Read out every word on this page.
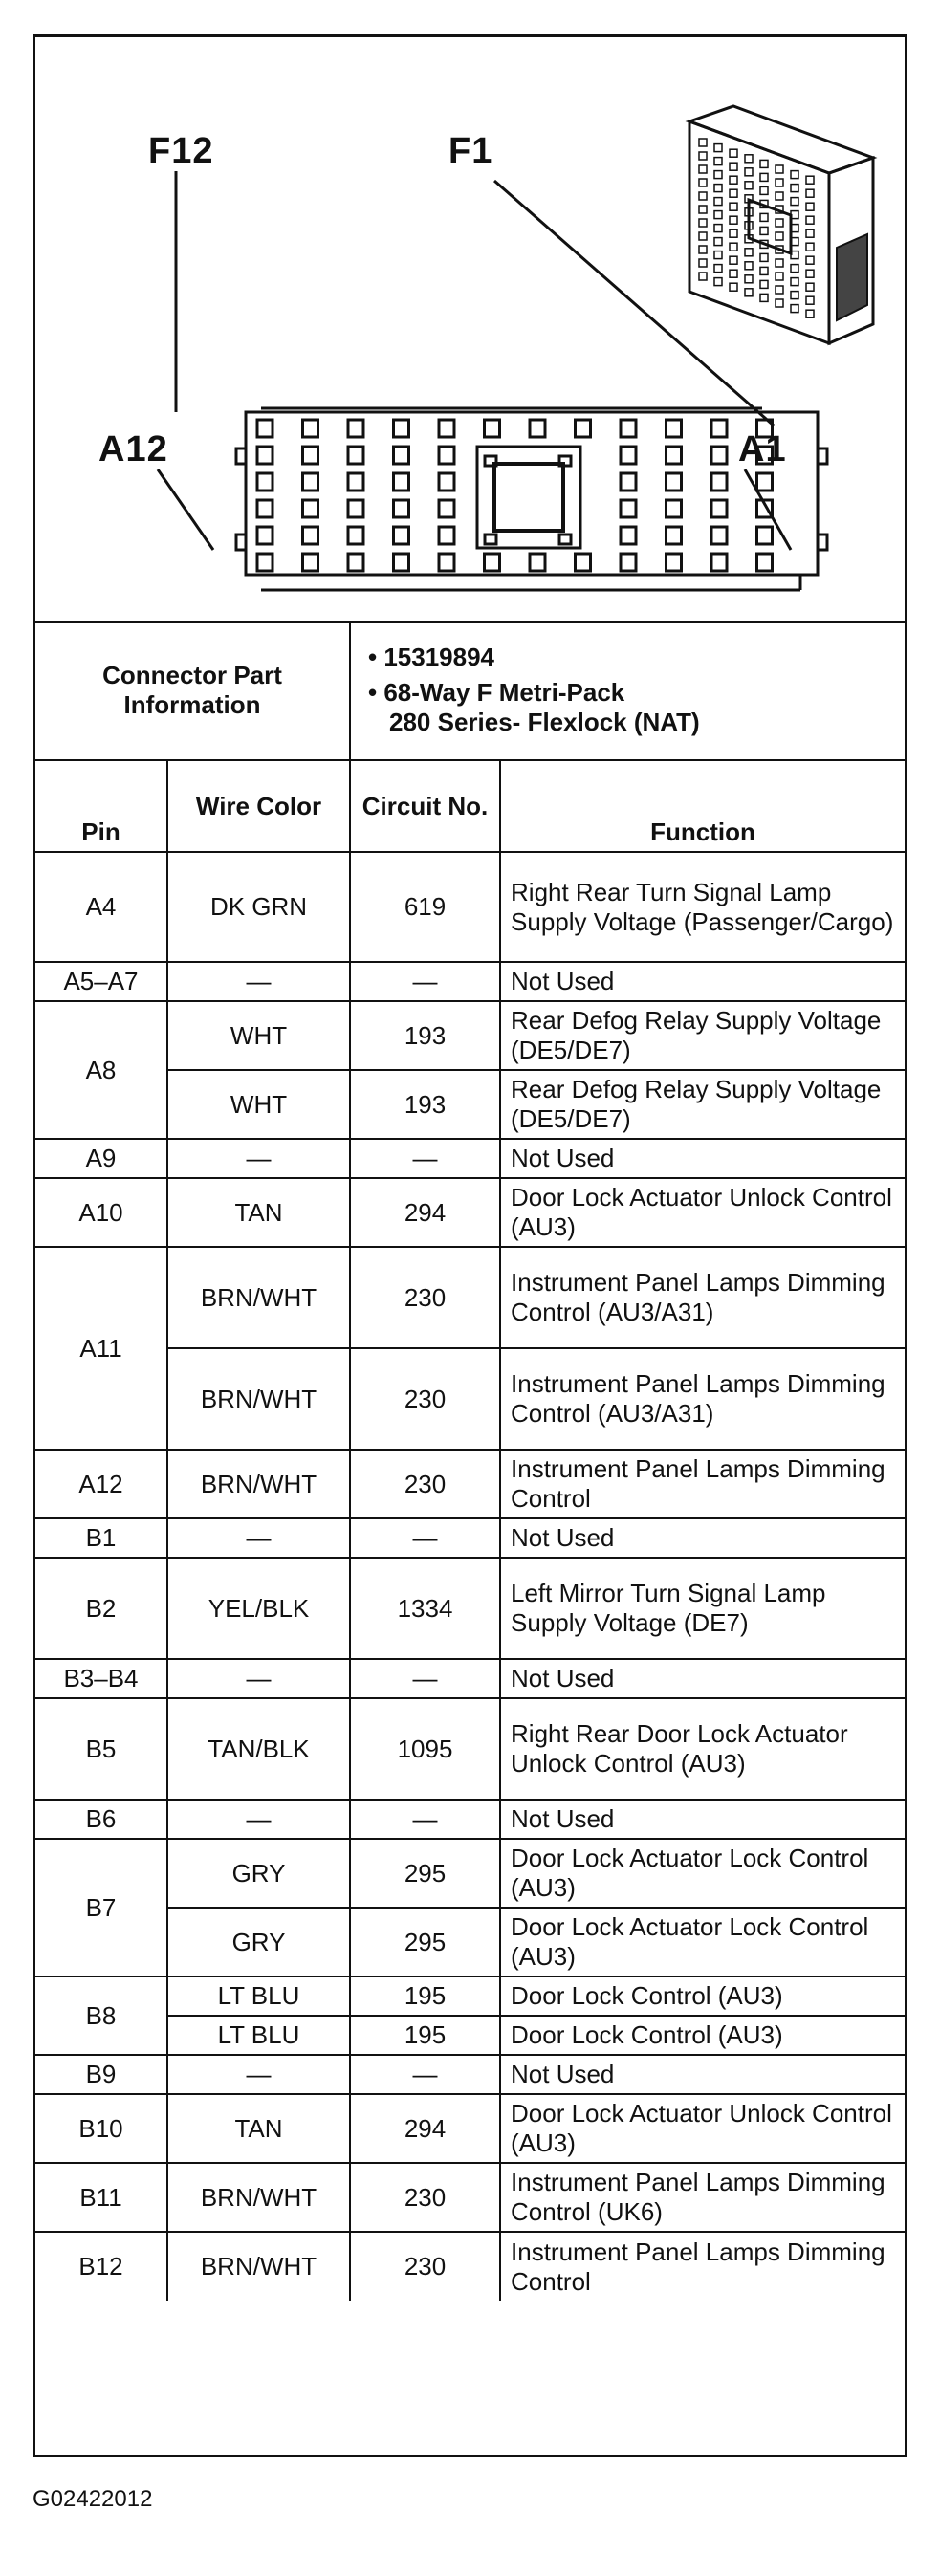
F12	F1
A12	A1
Connector Part Information		• 15319894
• 68-Way F Metri-Pack
280 Series- Flexlock (NAT)	

Pin	Wire Color	Circuit No.	Function
A4	DK GRN	619	Right Rear Turn Signal Lamp Supply Voltage (Passenger/Cargo)
A5–A7	—	—	Not Used
A8	WHT	193	Rear Defog Relay Supply Voltage (DE5/DE7)
	WHT	193	Rear Defog Relay Supply Voltage (DE5/DE7)
A9	—	—	Not Used
A10	TAN	294	Door Lock Actuator Unlock Control (AU3)
A11	BRN/WHT	230	Instrument Panel Lamps Dimming Control (AU3/A31)
	BRN/WHT	230	Instrument Panel Lamps Dimming Control (AU3/A31)
A12	BRN/WHT	230	Instrument Panel Lamps Dimming Control
B1	—	—	Not Used
B2	YEL/BLK	1334	Left Mirror Turn Signal Lamp Supply Voltage (DE7)
B3–B4	—	—	Not Used
B5	TAN/BLK	1095	Right Rear Door Lock Actuator Unlock Control (AU3)
B6	—	—	Not Used
B7	GRY	295	Door Lock Actuator Lock Control (AU3)
	GRY	295	Door Lock Actuator Lock Control (AU3)
B8	LT BLU	195	Door Lock Control (AU3)
	LT BLU	195	Door Lock Control (AU3)
B9	—	—	Not Used
B10	TAN	294	Door Lock Actuator Unlock Control (AU3)
B11	BRN/WHT	230	Instrument Panel Lamps Dimming Control (UK6)
B12	BRN/WHT	230	Instrument Panel Lamps Dimming Control
G02422012
